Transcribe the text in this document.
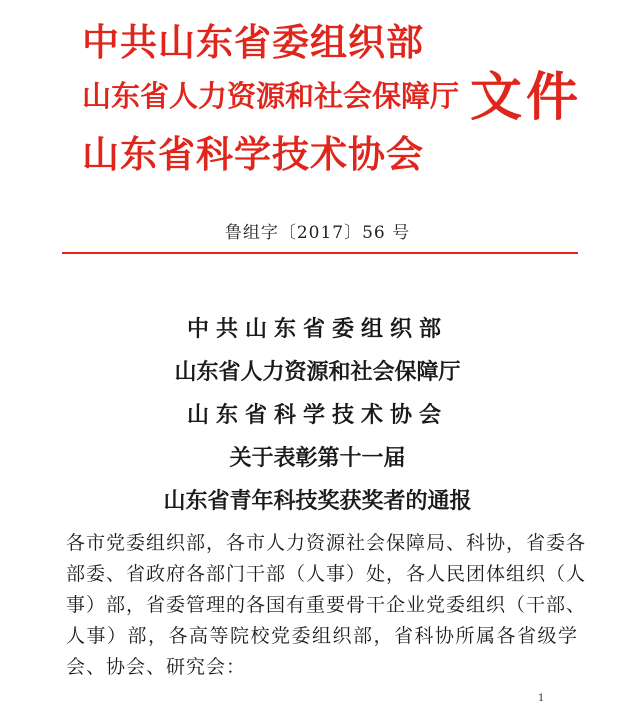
中共山东省委组织部
山东省人力资源和社会保障厅
山东省科学技术协会
文件
鲁组字〔2017〕56 号
中共山东省委组织部
山东省人力资源和社会保障厅
山东省科学技术协会
关于表彰第十一届
山东省青年科技奖获奖者的通报
各市党委组织部，各市人力资源社会保障局、科协，省委各
部委、省政府各部门干部（人事）处，各人民团体组织（人
事）部，省委管理的各国有重要骨干企业党委组织（干部、
人事）部，各高等院校党委组织部，省科协所属各省级学
会、协会、研究会：
1
